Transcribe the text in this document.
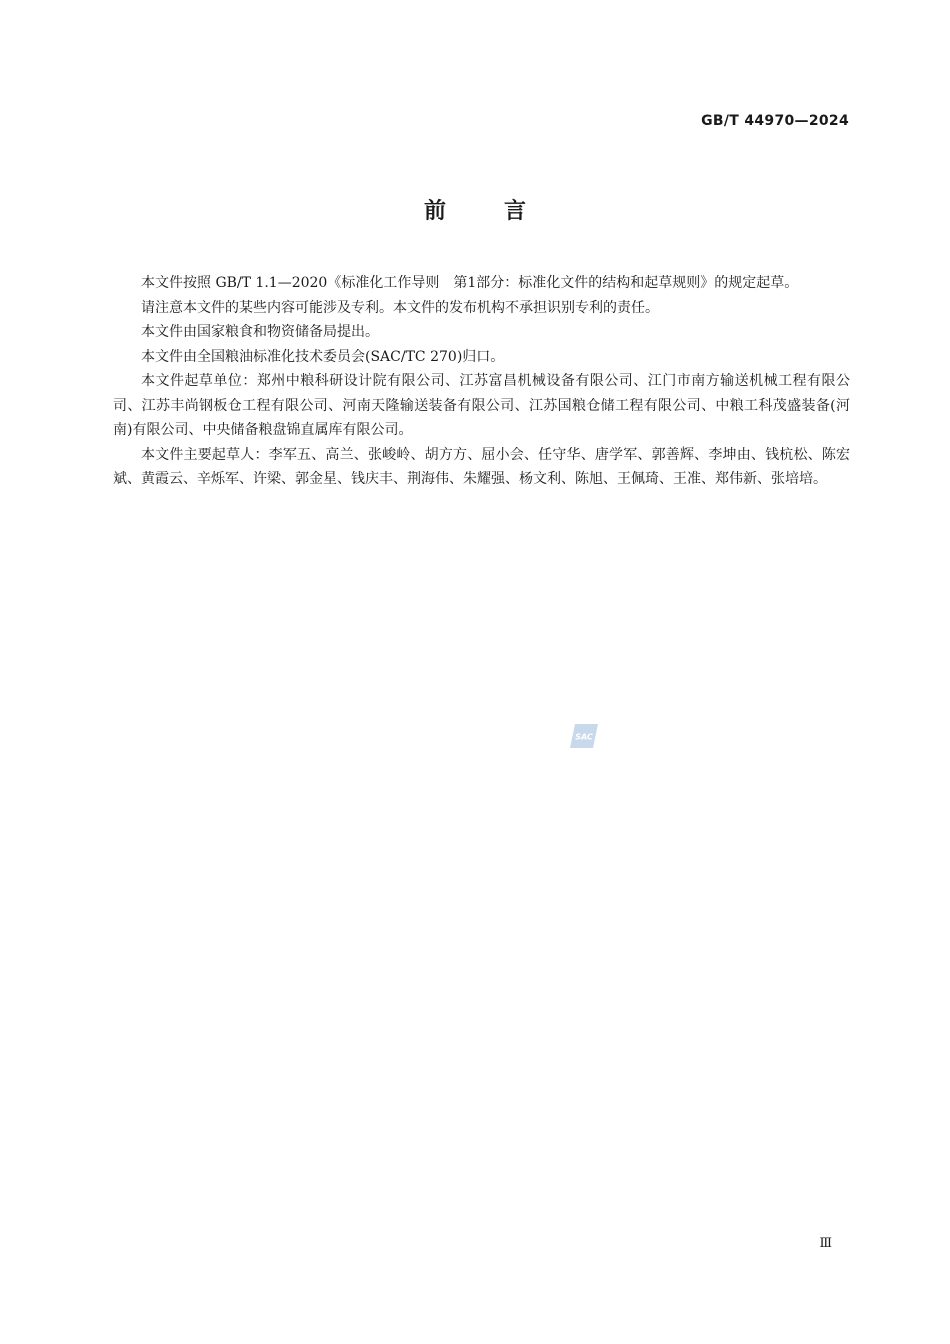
GB/T 44970—2024
前	言

本文件按照 GB/T 1.1—2020《标准化工作导则　第1部分：标准化文件的结构和起草规则》的规定起草。

请注意本文件的某些内容可能涉及专利。本文件的发布机构不承担识别专利的责任。

本文件由国家粮食和物资储备局提出。

本文件由全国粮油标准化技术委员会(SAC/TC 270)归口。

本文件起草单位：郑州中粮科研设计院有限公司、江苏富昌机械设备有限公司、江门市南方输送机械工程有限公司、江苏丰尚钢板仓工程有限公司、河南天隆输送装备有限公司、江苏国粮仓储工程有限公司、中粮工科茂盛装备(河南)有限公司、中央储备粮盘锦直属库有限公司。

本文件主要起草人：李军五、高兰、张峻岭、胡方方、屈小会、任守华、唐学军、郭善辉、李坤由、钱杭松、陈宏斌、黄霞云、辛烁军、许梁、郭金星、钱庆丰、荆海伟、朱耀强、杨文利、陈旭、王佩琦、王准、郑伟新、张培培。

SAC
Ⅲ
